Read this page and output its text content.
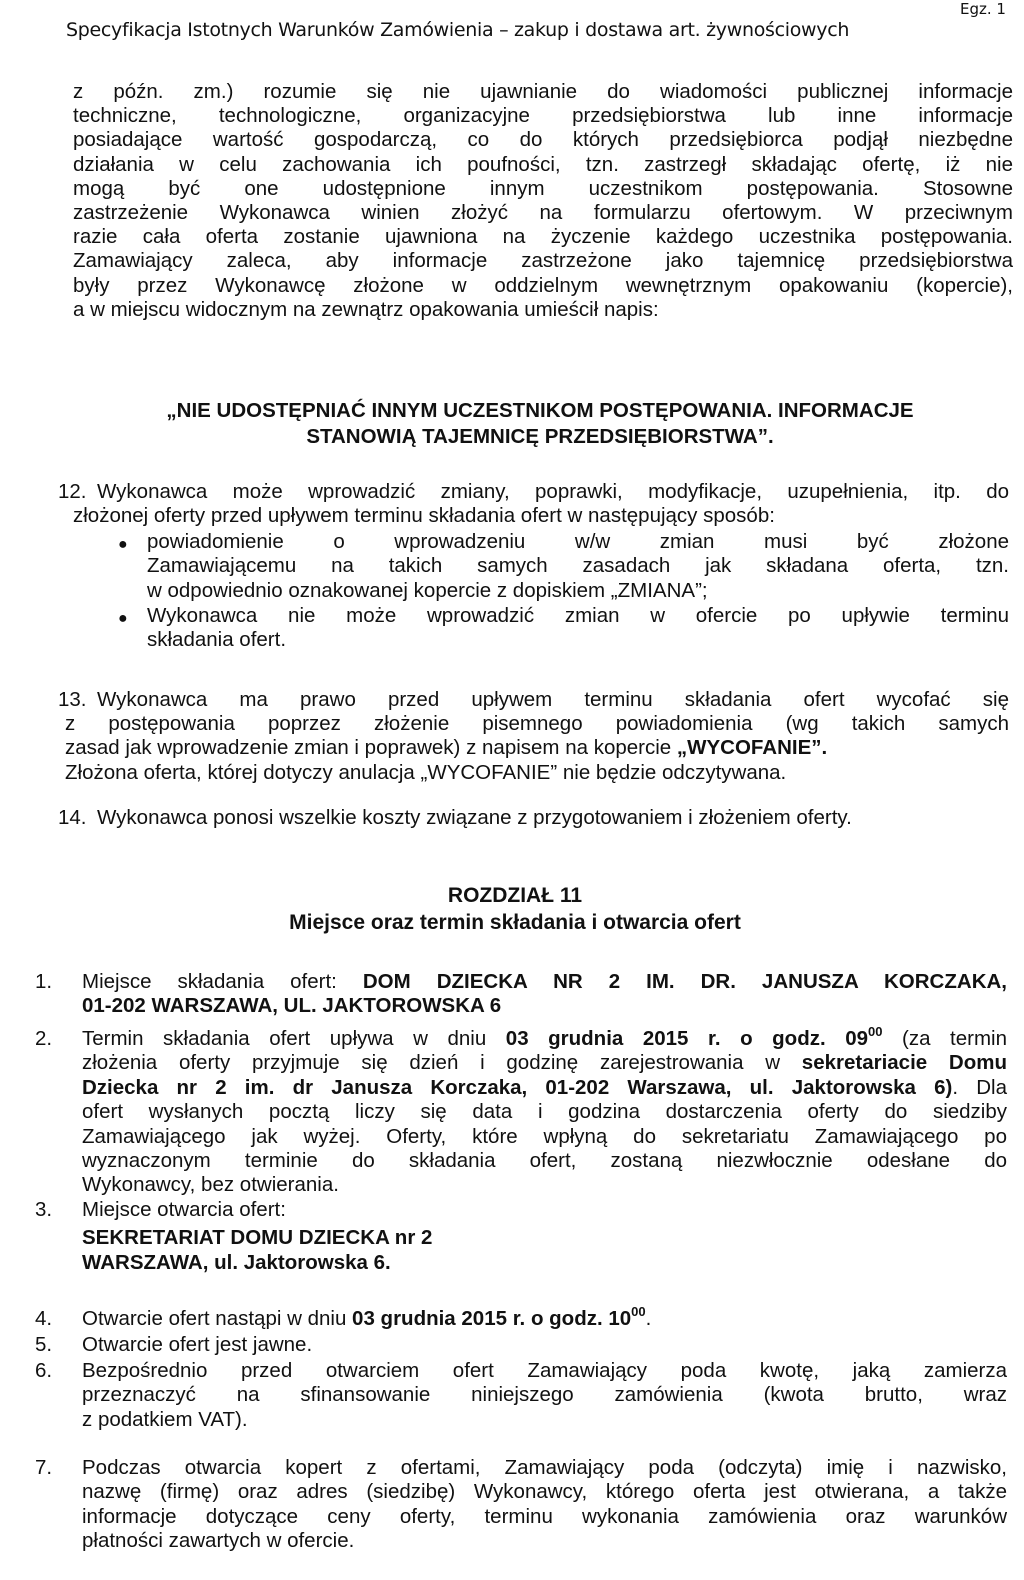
Specyfikacja Istotnych Warunków Zamówienia – zakup i dostawa art. żywnościowych
Egz. 1
z późn. zm.) rozumie się nie ujawnianie do wiadomości publicznej informacje
techniczne, technologiczne, organizacyjne przedsiębiorstwa lub inne informacje
posiadające wartość gospodarczą, co do których przedsiębiorca podjął niezbędne
działania w celu zachowania ich poufności, tzn. zastrzegł składając ofertę, iż nie
mogą być one udostępnione innym uczestnikom postępowania. Stosowne
zastrzeżenie Wykonawca winien złożyć na formularzu ofertowym. W przeciwnym
razie cała oferta zostanie ujawniona na życzenie każdego uczestnika postępowania.
Zamawiający zaleca, aby informacje zastrzeżone jako tajemnicę przedsiębiorstwa
były przez Wykonawcę złożone w oddzielnym wewnętrznym opakowaniu (kopercie),
a w miejscu widocznym na zewnątrz opakowania umieścił napis:
„NIE UDOSTĘPNIAĆ INNYM UCZESTNIKOM POSTĘPOWANIA. INFORMACJE
STANOWIĄ TAJEMNICĘ PRZEDSIĘBIORSTWA”.
12. Wykonawca może wprowadzić zmiany, poprawki, modyfikacje, uzupełnienia, itp. do
złożonej oferty przed upływem terminu składania ofert w następujący sposób:
● powiadomienie o wprowadzeniu w/w zmian musi być złożone
Zamawiającemu na takich samych zasadach jak składana oferta, tzn.
w odpowiednio oznakowanej kopercie z dopiskiem „ZMIANA”;
● Wykonawca nie może wprowadzić zmian w ofercie po upływie terminu
składania ofert.
13. Wykonawca ma prawo przed upływem terminu składania ofert wycofać się
z postępowania poprzez złożenie pisemnego powiadomienia (wg takich samych
zasad jak wprowadzenie zmian i poprawek) z napisem na kopercie „WYCOFANIE”.
Złożona oferta, której dotyczy anulacja „WYCOFANIE” nie będzie odczytywana.
14. Wykonawca ponosi wszelkie koszty związane z przygotowaniem i złożeniem oferty.
ROZDZIAŁ 11
Miejsce oraz termin składania i otwarcia ofert
1. Miejsce składania ofert: DOM DZIECKA NR 2 IM. DR. JANUSZA KORCZAKA,
01-202 WARSZAWA, UL. JAKTOROWSKA 6
2. Termin składania ofert upływa w dniu 03 grudnia 2015 r. o godz. $09^{00}$ (za termin
złożenia oferty przyjmuje się dzień i godzinę zarejestrowania w sekretariacie Domu
Dziecka nr 2 im. dr Janusza Korczaka, 01-202 Warszawa, ul. Jaktorowska 6). Dla
ofert wysłanych pocztą liczy się data i godzina dostarczenia oferty do siedziby
Zamawiającego jak wyżej. Oferty, które wpłyną do sekretariatu Zamawiającego po
wyznaczonym terminie do składania ofert, zostaną niezwłocznie odesłane do
Wykonawcy, bez otwierania.
3. Miejsce otwarcia ofert:
SEKRETARIAT DOMU DZIECKA nr 2
WARSZAWA, ul. Jaktorowska 6.
4. Otwarcie ofert nastąpi w dniu 03 grudnia 2015 r. o godz. $10^{00}$.
5. Otwarcie ofert jest jawne.
6. Bezpośrednio przed otwarciem ofert Zamawiający poda kwotę, jaką zamierza
przeznaczyć na sfinansowanie niniejszego zamówienia (kwota brutto, wraz
z podatkiem VAT).
7. Podczas otwarcia kopert z ofertami, Zamawiający poda (odczyta) imię i nazwisko,
nazwę (firmę) oraz adres (siedzibę) Wykonawcy, którego oferta jest otwierana, a także
informacje dotyczące ceny oferty, terminu wykonania zamówienia oraz warunków
płatności zawartych w ofercie.
